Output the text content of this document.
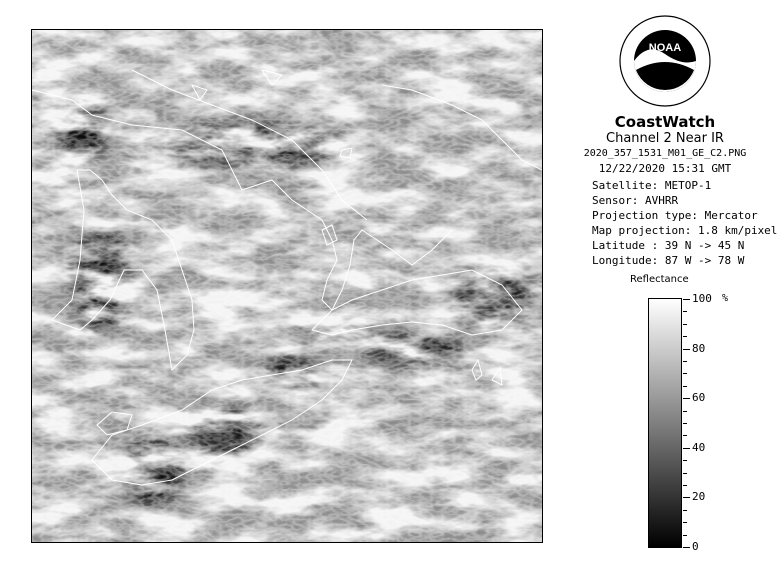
NOAA
CoastWatch
Channel 2 Near IR
2020_357_1531_M01_GE_C2.PNG
12/22/2020 15:31 GMT
Satellite: METOP-1
Sensor: AVHRR
Projection type: Mercator
Map projection: 1.8 km/pixel
Latitude : 39 N -> 45 N
Longitude: 87 W -> 78 W
Reflectance
%
0
20
40
60
80
100
